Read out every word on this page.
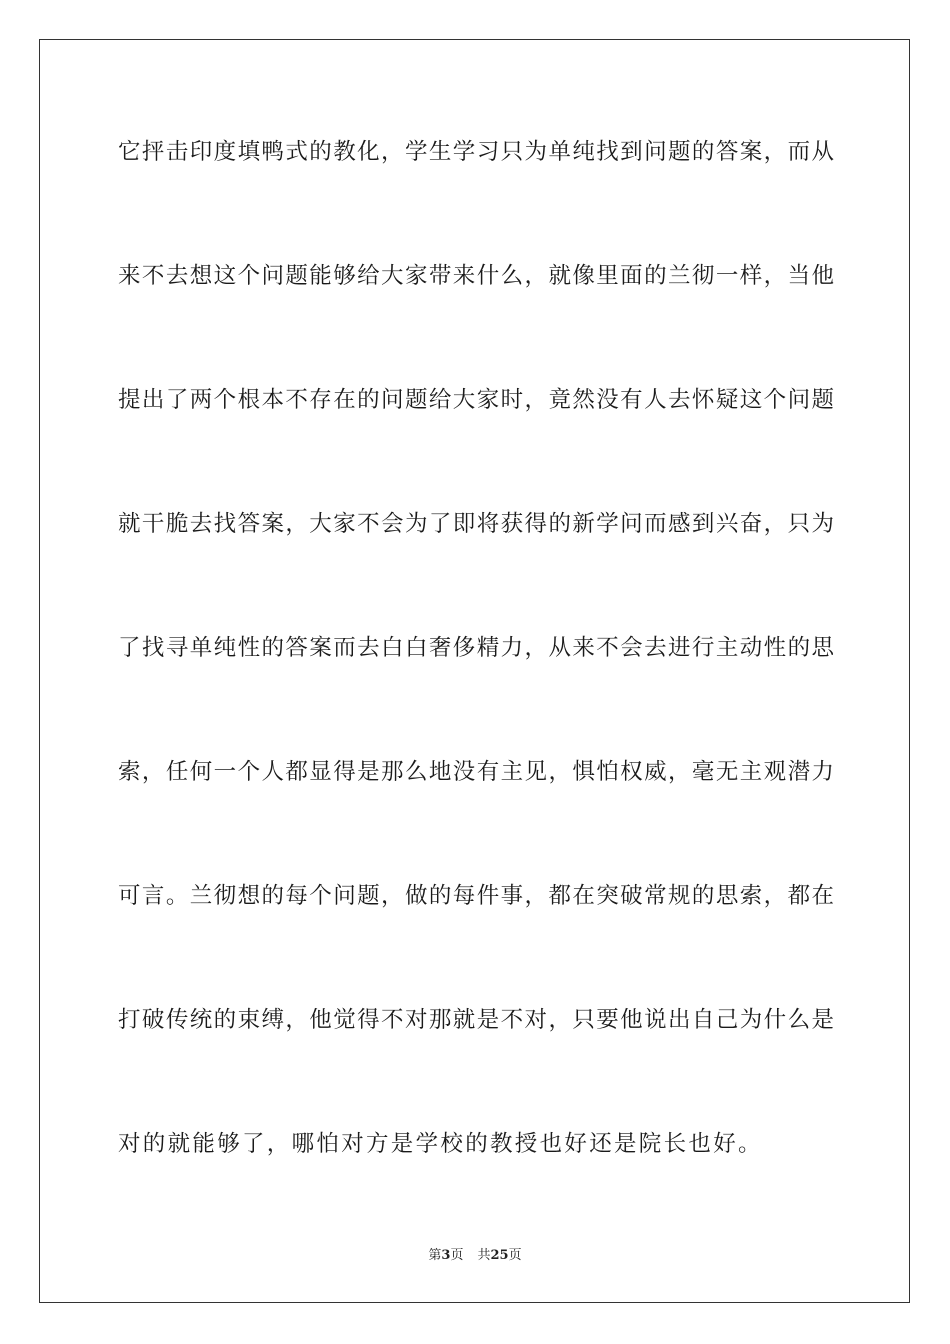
它抨击印度填鸭式的教化，学生学习只为单纯找到问题的答案，而从
来不去想这个问题能够给大家带来什么，就像里面的兰彻一样，当他
提出了两个根本不存在的问题给大家时，竟然没有人去怀疑这个问题
就干脆去找答案，大家不会为了即将获得的新学问而感到兴奋，只为
了找寻单纯性的答案而去白白奢侈精力，从来不会去进行主动性的思
索，任何一个人都显得是那么地没有主见，惧怕权威，毫无主观潜力
可言。兰彻想的每个问题，做的每件事，都在突破常规的思索，都在
打破传统的束缚，他觉得不对那就是不对，只要他说出自己为什么是
对的就能够了，哪怕对方是学校的教授也好还是院长也好。
第3页 共25页
